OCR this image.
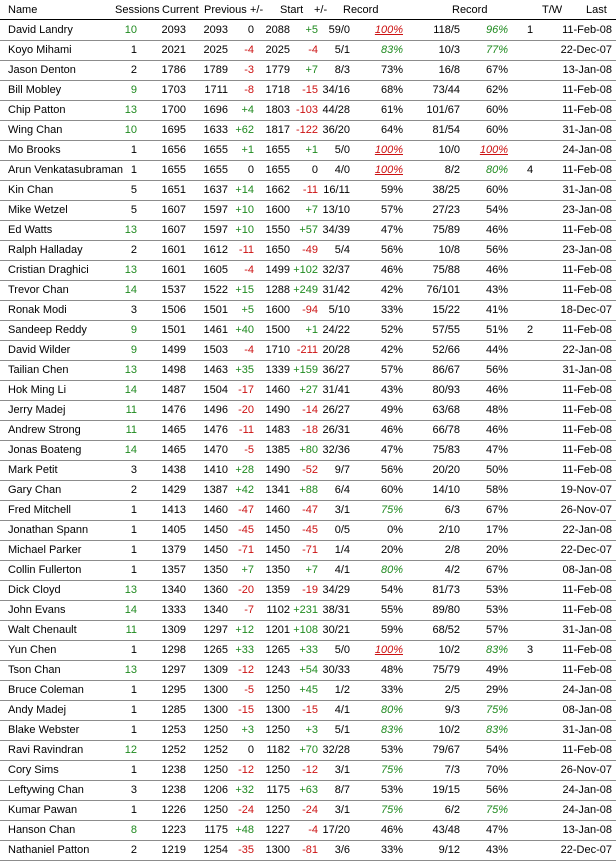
Name	Sessions Current Previous +/- Start +/- Record	Record	T/W Last
David Landry	10 2093 2093 0 2088 +5 59/0 100%	118/5 96% 1	11-Feb-08
Koyo Mihami	1 2021 2025 -4 2025 -4 5/1	83%	10/3 77%	22-Dec-07
Jason Denton	2 1786 1789 -3 1779 +7 8/3	73%	16/8 67%	13-Jan-08
Bill Mobley	9 1703 1711 -8 1718 -15 34/16	68%	73/44 62%	11-Feb-08
Chip Patton	13 1700 1696 +4 1803 -103 44/28	61% 101/67 60%	11-Feb-08
Wing Chan	10 1695 1633 +62 1817 -122 36/20	64%	81/54 60%	31-Jan-08
Mo Brooks	1 1656 1655 +1 1655 +1 5/0 100%	10/0 100%	24-Jan-08
Arun Venkatasubraman 1 1655 1655 0 1655 0 4/0 100%	8/2 80% 4	11-Feb-08
Kin Chan	5 1651 1637 +14 1662 -11 16/11	59%	38/25 60%	31-Jan-08
Mike Wetzel	5 1607 1597 +10 1600 +7 13/10	57%	27/23 54%	23-Jan-08
Ed Watts	13 1607 1597 +10 1550 +57 34/39	47%	75/89 46%	11-Feb-08
Ralph Halladay	2 1601 1612 -11 1650 -49 5/4	56%	10/8 56%	23-Jan-08
Cristian Draghici	13 1601 1605 -4 1499 +102 32/37	46%	75/88 46%	11-Feb-08
Trevor Chan	14 1537 1522 +15 1288 +249 31/42	42% 76/101 43%	11-Feb-08
Ronak Modi	3 1506 1501 +5 1600 -94 5/10	33%	15/22 41%	18-Dec-07
Sandeep Reddy	9 1501 1461 +40 1500 +1 24/22	52%	57/55 51% 2	11-Feb-08
David Wilder	9 1499 1503 -4 1710 -211 20/28	42%	52/66 44%	22-Jan-08
Tailian Chen	13 1498 1463 +35 1339 +159 36/27	57%	86/67 56%	31-Jan-08
Hok Ming Li	14 1487 1504 -17 1460 +27 31/41	43%	80/93 46%	11-Feb-08
Jerry Madej	11 1476 1496 -20 1490 -14 26/27	49%	63/68 48%	11-Feb-08
Andrew Strong	11 1465 1476 -11 1483 -18 26/31	46%	66/78 46%	11-Feb-08
Jonas Boateng	14 1465 1470 -5 1385 +80 32/36	47%	75/83 47%	11-Feb-08
Mark Petit	3 1438 1410 +28 1490 -52 9/7	56%	20/20 50%	11-Feb-08
Gary Chan	2 1429 1387 +42 1341 +88 6/4	60%	14/10 58%	19-Nov-07
Fred Mitchell	1 1413 1460 -47 1460 -47 3/1	75%	6/3 67%	26-Nov-07
Jonathan Spann	1 1405 1450 -45 1450 -45 0/5	0%	2/10 17%	22-Jan-08
Michael Parker	1 1379 1450 -71 1450 -71 1/4	20%	2/8 20%	22-Dec-07
Collin Fullerton	1 1357 1350 +7 1350 +7 4/1	80%	4/2 67%	08-Jan-08
Dick Cloyd	13 1340 1360 -20 1359 -19 34/29	54%	81/73 53%	11-Feb-08
John Evans	14 1333 1340 -7 1102 +231 38/31	55%	89/80 53%	11-Feb-08
Walt Chenault	11 1309 1297 +12 1201 +108 30/21	59%	68/52 57%	31-Jan-08
Yun Chen	1 1298 1265 +33 1265 +33 5/0 100%	10/2 83% 3	11-Feb-08
Tson Chan	13 1297 1309 -12 1243 +54 30/33	48%	75/79 49%	11-Feb-08
Bruce Coleman	1 1295 1300 -5 1250 +45 1/2	33%	2/5 29%	24-Jan-08
Andy Madej	1 1285 1300 -15 1300 -15 4/1	80%	9/3 75%	08-Jan-08
Blake Webster	1 1253 1250 +3 1250 +3 5/1	83%	10/2 83%	31-Jan-08
Ravi Ravindran	12 1252 1252 0 1182 +70 32/28	53%	79/67 54%	11-Feb-08
Cory Sims	1 1238 1250 -12 1250 -12 3/1	75%	7/3 70%	26-Nov-07
Leftywing Chan	3 1238 1206 +32 1175 +63 8/7	53%	19/15 56%	24-Jan-08
Kumar Pawan	1 1226 1250 -24 1250 -24 3/1	75%	6/2 75%	24-Jan-08
Hanson Chan	8 1223 1175 +48 1227 -4 17/20	46%	43/48 47%	13-Jan-08
Nathaniel Patton	2 1219 1254 -35 1300 -81 3/6	33%	9/12 43%	22-Dec-07
